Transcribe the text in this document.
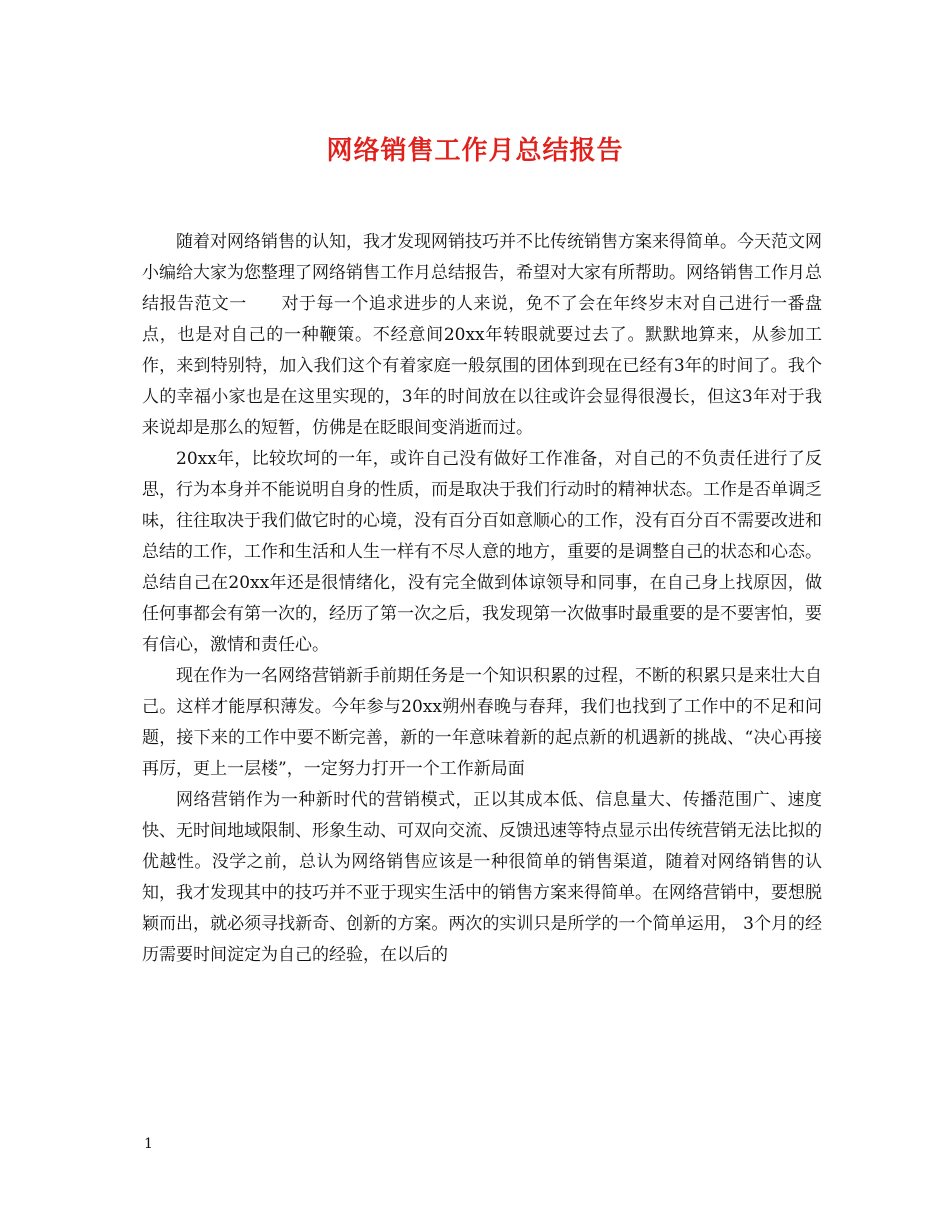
网络销售工作月总结报告

随着对网络销售的认知，我才发现网销技巧并不比传统销售方案来得简单。今天范文网小编给大家为您整理了网络销售工作月总结报告，希望对大家有所帮助。网络销售工作月总结报告范文一　　对于每一个追求进步的人来说，免不了会在年终岁末对自己进行一番盘点，也是对自己的一种鞭策。不经意间20xx年转眼就要过去了。默默地算来，从参加工作，来到特别特，加入我们这个有着家庭一般氛围的团体到现在已经有3年的时间了。我个人的幸福小家也是在这里实现的，3年的时间放在以往或许会显得很漫长，但这3年对于我来说却是那么的短暂，仿佛是在眨眼间变消逝而过。

20xx年，比较坎坷的一年，或许自己没有做好工作准备，对自己的不负责任进行了反思，行为本身并不能说明自身的性质，而是取决于我们行动时的精神状态。工作是否单调乏味，往往取决于我们做它时的心境，没有百分百如意顺心的工作，没有百分百不需要改进和总结的工作，工作和生活和人生一样有不尽人意的地方，重要的是调整自己的状态和心态。总结自己在20xx年还是很情绪化，没有完全做到体谅领导和同事，在自己身上找原因，做任何事都会有第一次的，经历了第一次之后，我发现第一次做事时最重要的是不要害怕，要有信心，激情和责任心。

现在作为一名网络营销新手前期任务是一个知识积累的过程，不断的积累只是来壮大自己。这样才能厚积薄发。今年参与20xx朔州春晚与春拜，我们也找到了工作中的不足和问题，接下来的工作中要不断完善，新的一年意味着新的起点新的机遇新的挑战、“决心再接再厉，更上一层楼”，一定努力打开一个工作新局面

网络营销作为一种新时代的营销模式，正以其成本低、信息量大、传播范围广、速度快、无时间地域限制、形象生动、可双向交流、反馈迅速等特点显示出传统营销无法比拟的优越性。没学之前，总认为网络销售应该是一种很简单的销售渠道，随着对网络销售的认知，我才发现其中的技巧并不亚于现实生活中的销售方案来得简单。在网络营销中，要想脱颖而出，就必须寻找新奇、创新的方案。两次的实训只是所学的一个简单运用， 3个月的经历需要时间淀定为自己的经验，在以后的

1
